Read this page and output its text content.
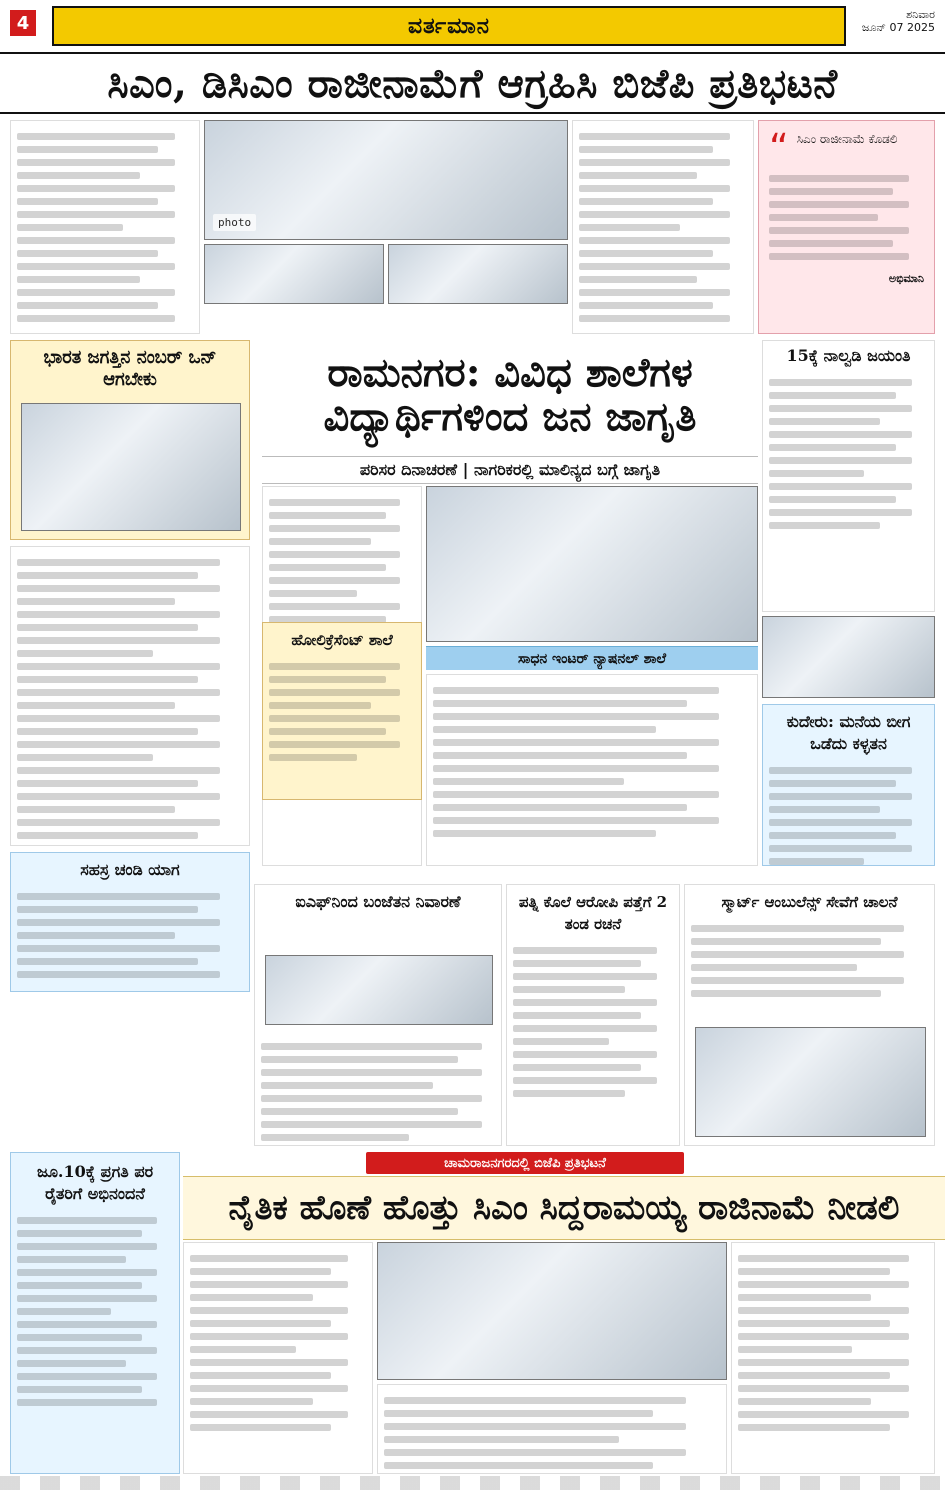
4	ವರ್ತಮಾನ	ಶನಿವಾರ
ಜೂನ್ 07 2025
ಸಿಎಂ, ಡಿಸಿಎಂ ರಾಜೀನಾಮೆಗೆ ಆಗ್ರಹಿಸಿ ಬಿಜೆಪಿ ಪ್ರತಿಭಟನೆ
photo
“ ಸಿಎಂ ರಾಜೀನಾಮೆ ಕೊಡಲಿ
ಅಭಿಮಾನಿ
ಭಾರತ ಜಗತ್ತಿನ ನಂಬರ್ ಒನ್ ಆಗಬೇಕು	ರಾಮನಗರ: ವಿವಿಧ ಶಾಲೆಗಳ
ವಿದ್ಯಾರ್ಥಿಗಳಿಂದ ಜನ ಜಾಗೃತಿ
ಪರಿಸರ ದಿನಾಚರಣೆ | ನಾಗರಿಕರಲ್ಲಿ ಮಾಲಿನ್ಯದ ಬಗ್ಗೆ ಜಾಗೃತಿ
15ಕ್ಕೆ ನಾಲ್ವಡಿ ಜಯಂತಿ
ಸಾಧನ ಇಂಟರ್ ನ್ಯಾಷನಲ್ ಶಾಲೆ
ಹೋಲಿಕ್ರೆಸೆಂಟ್ ಶಾಲೆ
ಕುದೇರು: ಮನೆಯ ಬೀಗ ಒಡೆದು ಕಳ್ಳತನ
ಸಹಸ್ರ ಚಂಡಿ ಯಾಗ
ಐಎಫ್‌ನಿಂದ ಬಂಜೆತನ ನಿವಾರಣೆ	ಪತ್ನಿ ಕೊಲೆ ಆರೋಪಿ ಪತ್ತೆಗೆ 2 ತಂಡ ರಚನೆ
ಸ್ಮಾರ್ಟ್ ಆಂಬುಲೆನ್ಸ್ ಸೇವೆಗೆ ಚಾಲನೆ
ಜೂ.10ಕ್ಕೆ ಪ್ರಗತಿ ಪರ ರೈತರಿಗೆ ಅಭಿನಂದನೆ
ಚಾಮರಾಜನಗರದಲ್ಲಿ ಬಿಜೆಪಿ ಪ್ರತಿಭಟನೆ
ನೈತಿಕ ಹೊಣೆ ಹೊತ್ತು ಸಿಎಂ ಸಿದ್ದರಾಮಯ್ಯ ರಾಜಿನಾಮೆ ನೀಡಲಿ
